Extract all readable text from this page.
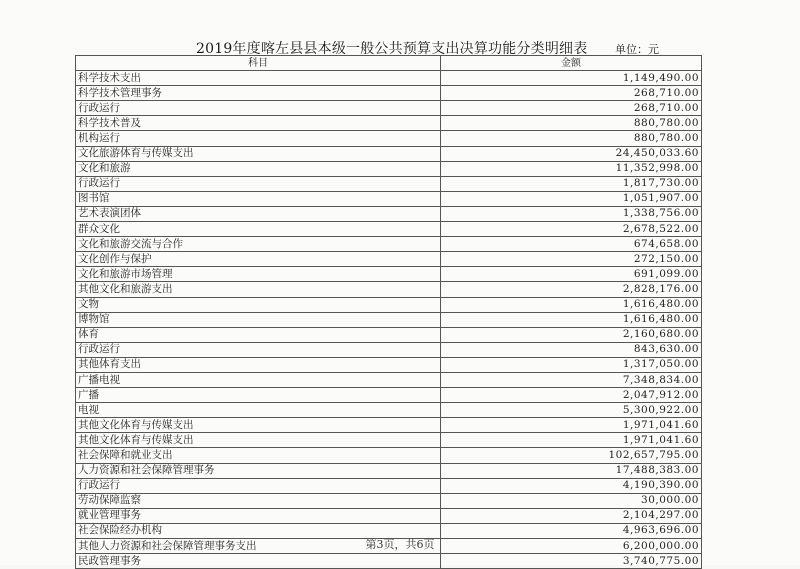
2019年度喀左县县本级一般公共预算支出决算功能分类明细表	单位：元
科目	金额
科学技术支出	1,149,490.00
科学技术管理事务	268,710.00
行政运行	268,710.00
科学技术普及	880,780.00
机构运行	880,780.00
文化旅游体育与传媒支出	24,450,033.60
文化和旅游	11,352,998.00
行政运行	1,817,730.00
图书馆	1,051,907.00
艺术表演团体	1,338,756.00
群众文化	2,678,522.00
文化和旅游交流与合作	674,658.00
文化创作与保护	272,150.00
文化和旅游市场管理	691,099.00
其他文化和旅游支出	2,828,176.00
文物	1,616,480.00
博物馆	1,616,480.00
体育	2,160,680.00
行政运行	843,630.00
其他体育支出	1,317,050.00
广播电视	7,348,834.00
广播	2,047,912.00
电视	5,300,922.00
其他文化体育与传媒支出	1,971,041.60
其他文化体育与传媒支出	1,971,041.60
社会保障和就业支出	102,657,795.00
人力资源和社会保障管理事务	17,488,383.00
行政运行	4,190,390.00
劳动保障监察	30,000.00
就业管理事务	2,104,297.00
社会保险经办机构	4,963,696.00
其他人力资源和社会保障管理事务支出	6,200,000.00
民政管理事务	3,740,775.00
第3页，共6页
